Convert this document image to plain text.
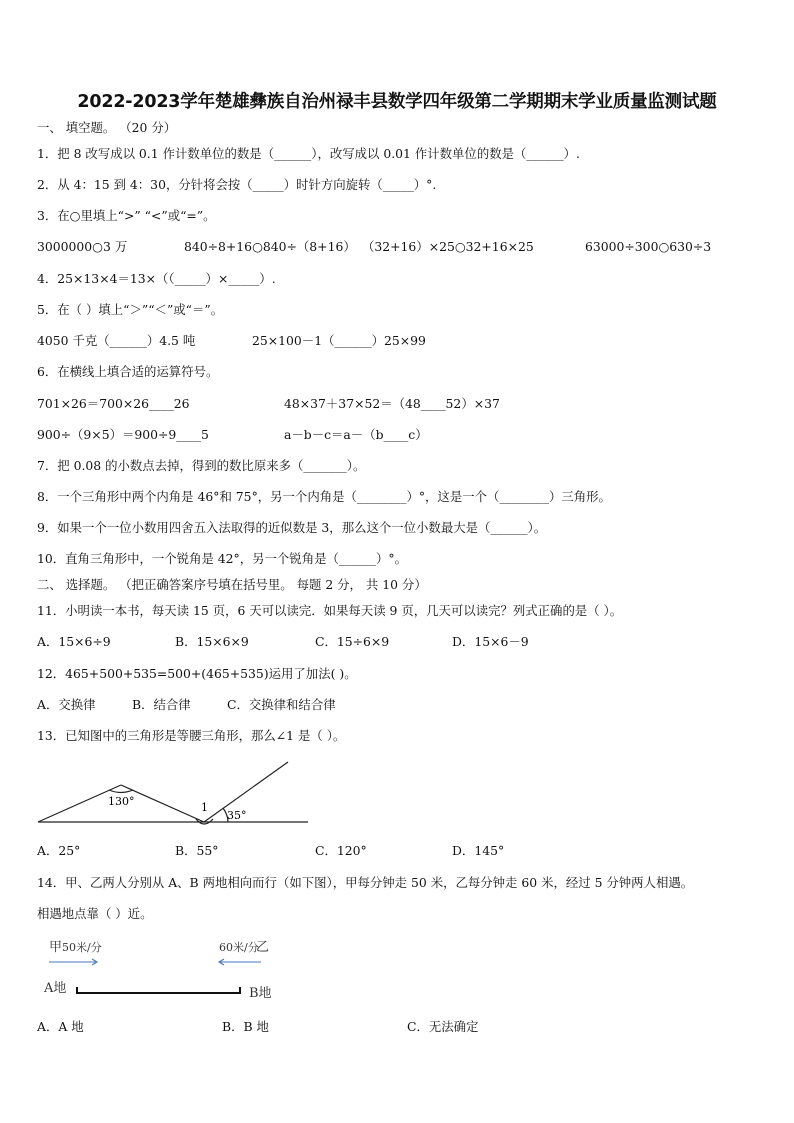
2022-2023学年楚雄彝族自治州禄丰县数学四年级第二学期期末学业质量监测试题
一、 填空题。 （20 分）
1．把 8 改写成以 0.1 作计数单位的数是（______），改写成以 0.01 作计数单位的数是（______）.
2．从 4：15 到 4：30，分针将会按（_____）时针方向旋转（_____）°.
3．在○里填上“>” “<”或“=”。
3000000○3 万	840÷8+16○840÷（8+16） （32+16）×25○32+16×25	63000÷300○630÷3
4．25×13×4＝13×（（_____）×_____）.
5．在（ ）填上“＞”“＜”或“＝”。
4050 千克（______）4.5 吨	25×100－1（______）25×99
6．在横线上填合适的运算符号。
701×26＝700×26____26	48×37＋37×52＝（48____52）×37
900÷（9×5）＝900÷9____5	a－b－c＝a－（b____c）
7．把 0.08 的小数点去掉，得到的数比原来多（_______）。
8．一个三角形中两个内角是 46°和 75°，另一个内角是（________）°，这是一个（________）三角形。
9．如果一个一位小数用四舍五入法取得的近似数是 3，那么这个一位小数最大是（______）。
10．直角三角形中，一个锐角是 42°，另一个锐角是（______）°。
二、 选择题。 （把正确答案序号填在括号里。 每题 2 分， 共 10 分）
11．小明读一本书，每天读 15 页，6 天可以读完．如果每天读 9 页，几天可以读完？列式正确的是（ ）。
A．15×6÷9	B．15×6×9	C．15÷6×9	D．15×6－9
12．465+500+535=500+(465+535)运用了加法( )。
A．交换律	B．结合律	C．交换律和结合律
13．已知图中的三角形是等腰三角形，那么∠1 是（ ）。
130°	1
35°
A．25°	B．55°	C．120°	D．145°
14．甲、乙两人分别从 A、B 两地相向而行（如下图），甲每分钟走 50 米，乙每分钟走 60 米，经过 5 分钟两人相遇。
相遇地点靠（ ）近。
甲 50米/分	60米/分
乙
A地	B地
A．A 地	B．B 地	C．无法确定
